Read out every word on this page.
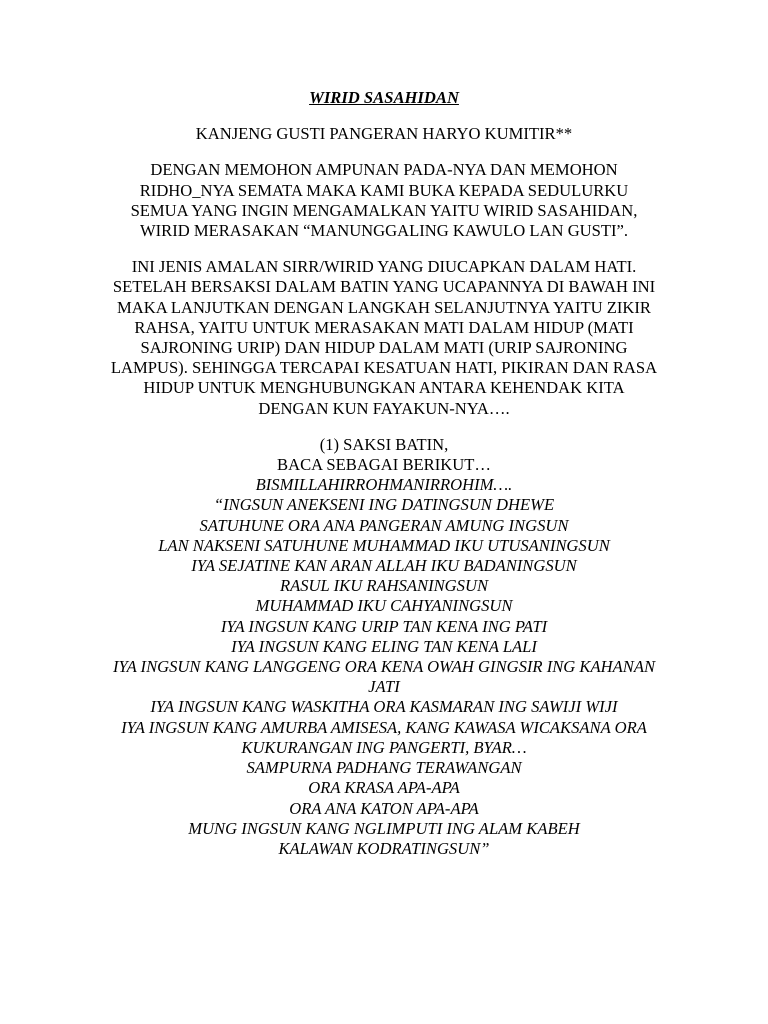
WIRID SASAHIDAN
KANJENG GUSTI PANGERAN HARYO KUMITIR**

DENGAN MEMOHON AMPUNAN PADA-NYA DAN MEMOHON

RIDHO_NYA SEMATA MAKA KAMI BUKA KEPADA SEDULURKU

SEMUA YANG INGIN MENGAMALKAN YAITU WIRID SASAHIDAN,

WIRID MERASAKAN “MANUNGGALING KAWULO LAN GUSTI”.

INI JENIS AMALAN SIRR/WIRID YANG DIUCAPKAN DALAM HATI.

SETELAH BERSAKSI DALAM BATIN YANG UCAPANNYA DI BAWAH INI

MAKA LANJUTKAN DENGAN LANGKAH SELANJUTNYA YAITU ZIKIR

RAHSA, YAITU UNTUK MERASAKAN MATI DALAM HIDUP (MATI

SAJRONING URIP) DAN HIDUP DALAM MATI (URIP SAJRONING

LAMPUS). SEHINGGA TERCAPAI KESATUAN HATI, PIKIRAN DAN RASA

HIDUP UNTUK MENGHUBUNGKAN ANTARA KEHENDAK KITA

DENGAN KUN FAYAKUN-NYA….

(1) SAKSI BATIN,
BACA SEBAGAI BERIKUT…
BISMILLAHIRROHMANIRROHIM….
“INGSUN ANEKSENI ING DATINGSUN DHEWE
SATUHUNE ORA ANA PANGERAN AMUNG INGSUN
LAN NAKSENI SATUHUNE MUHAMMAD IKU UTUSANINGSUN
IYA SEJATINE KAN ARAN ALLAH IKU BADANINGSUN
RASUL IKU RAHSANINGSUN
MUHAMMAD IKU CAHYANINGSUN
IYA INGSUN KANG URIP TAN KENA ING PATI
IYA INGSUN KANG ELING TAN KENA LALI
IYA INGSUN KANG LANGGENG ORA KENA OWAH GINGSIR ING KAHANAN
JATI
IYA INGSUN KANG WASKITHA ORA KASMARAN ING SAWIJI WIJI
IYA INGSUN KANG AMURBA AMISESA, KANG KAWASA WICAKSANA ORA
KUKURANGAN ING PANGERTI, BYAR…
SAMPURNA PADHANG TERAWANGAN
ORA KRASA APA-APA
ORA ANA KATON APA-APA
MUNG INGSUN KANG NGLIMPUTI ING ALAM KABEH
KALAWAN KODRATINGSUN”
